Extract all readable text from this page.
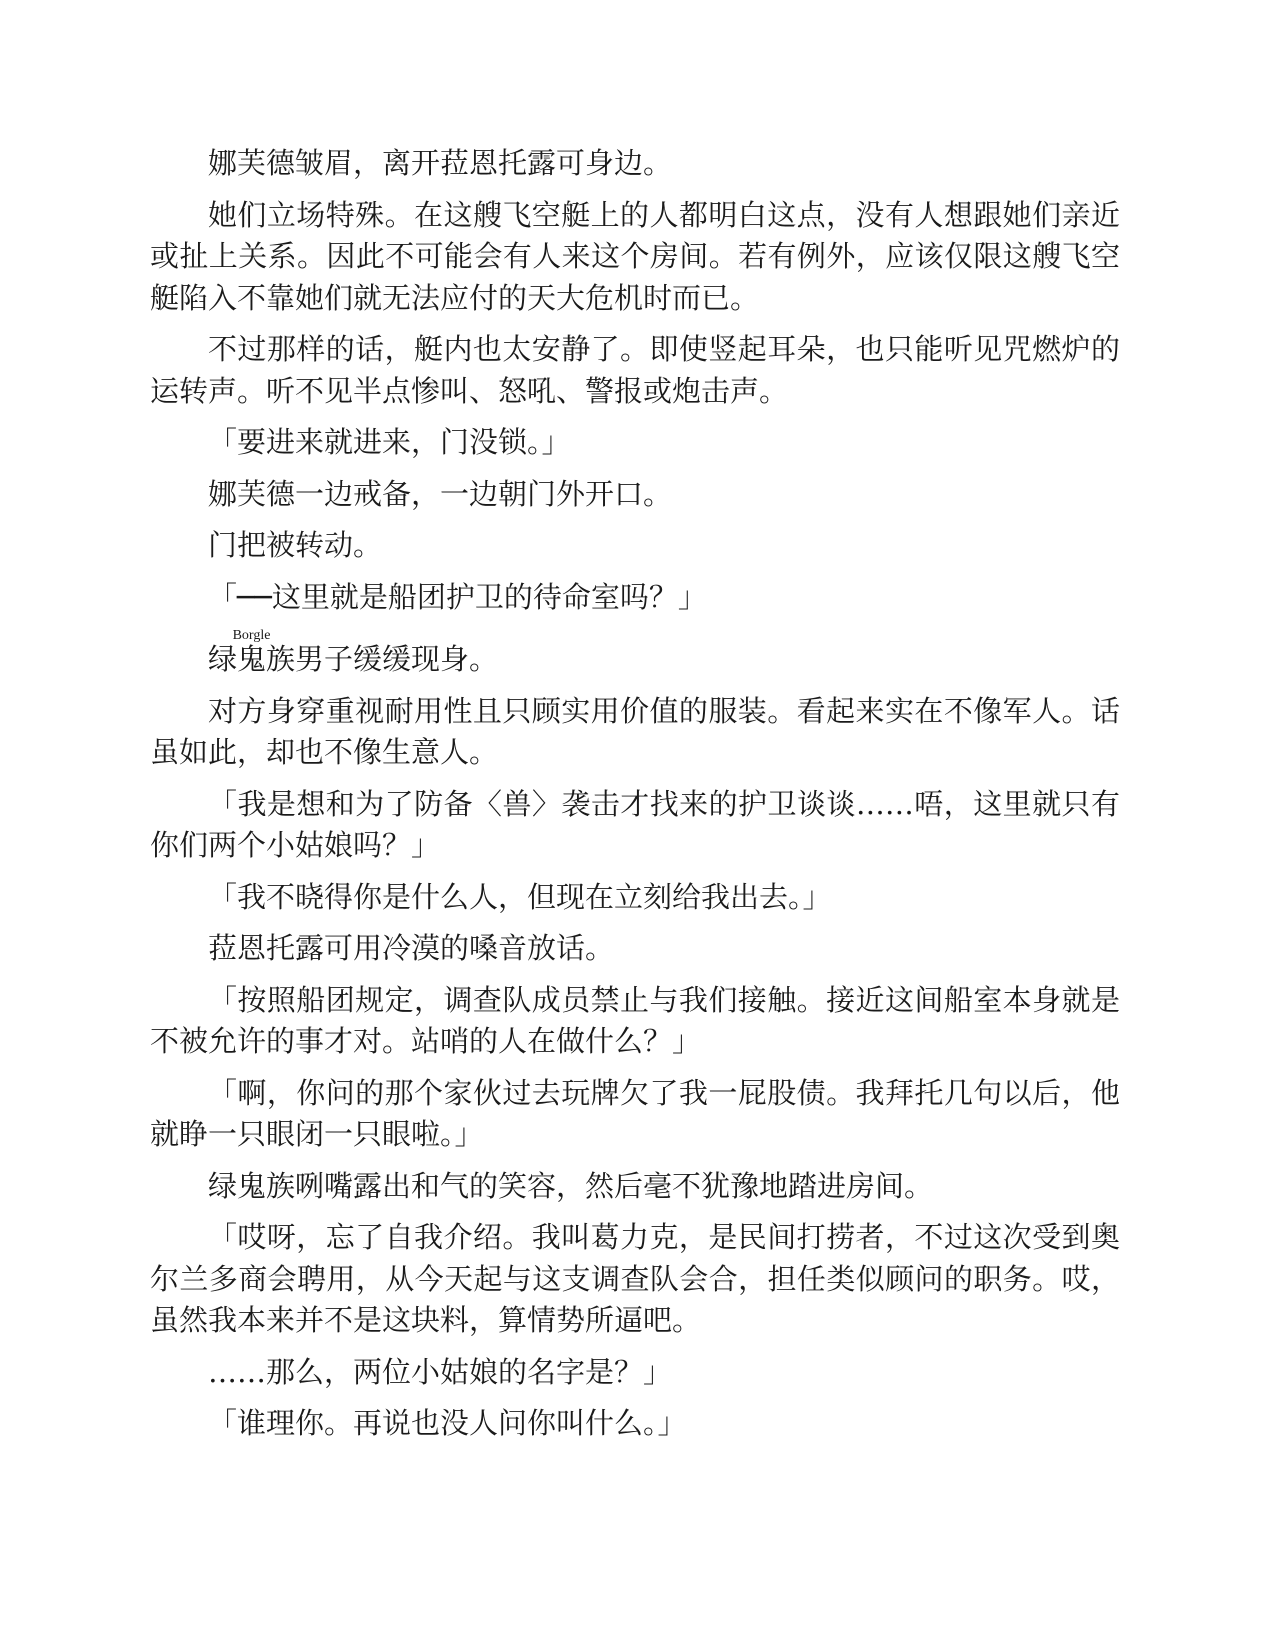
娜芙德皱眉，离开菈恩托露可身边。

她们立场特殊。在这艘飞空艇上的人都明白这点，没有人想跟她们亲近或扯上关系。因此不可能会有人来这个房间。若有例外，应该仅限这艘飞空艇陷入不靠她们就无法应付的天大危机时而已。

不过那样的话，艇内也太安静了。即使竖起耳朵，也只能听见咒燃炉的运转声。听不见半点惨叫、怒吼、警报或炮击声。

「要进来就进来，门没锁。」

娜芙德一边戒备，一边朝门外开口。

门把被转动。

「──这里就是船团护卫的待命室吗？」

绿鬼族Borgle男子缓缓现身。

对方身穿重视耐用性且只顾实用价值的服装。看起来实在不像军人。话虽如此，却也不像生意人。

「我是想和为了防备〈兽〉袭击才找来的护卫谈谈……唔，这里就只有你们两个小姑娘吗？」

「我不晓得你是什么人，但现在立刻给我出去。」

菈恩托露可用冷漠的嗓音放话。

「按照船团规定，调查队成员禁止与我们接触。接近这间船室本身就是不被允许的事才对。站哨的人在做什么？」

「啊，你问的那个家伙过去玩牌欠了我一屁股债。我拜托几句以后，他就睁一只眼闭一只眼啦。」

绿鬼族咧嘴露出和气的笑容，然后毫不犹豫地踏进房间。

「哎呀，忘了自我介绍。我叫葛力克，是民间打捞者，不过这次受到奥尔兰多商会聘用，从今天起与这支调查队会合，担任类似顾问的职务。哎，虽然我本来并不是这块料，算情势所逼吧。

……那么，两位小姑娘的名字是？」

「谁理你。再说也没人问你叫什么。」
